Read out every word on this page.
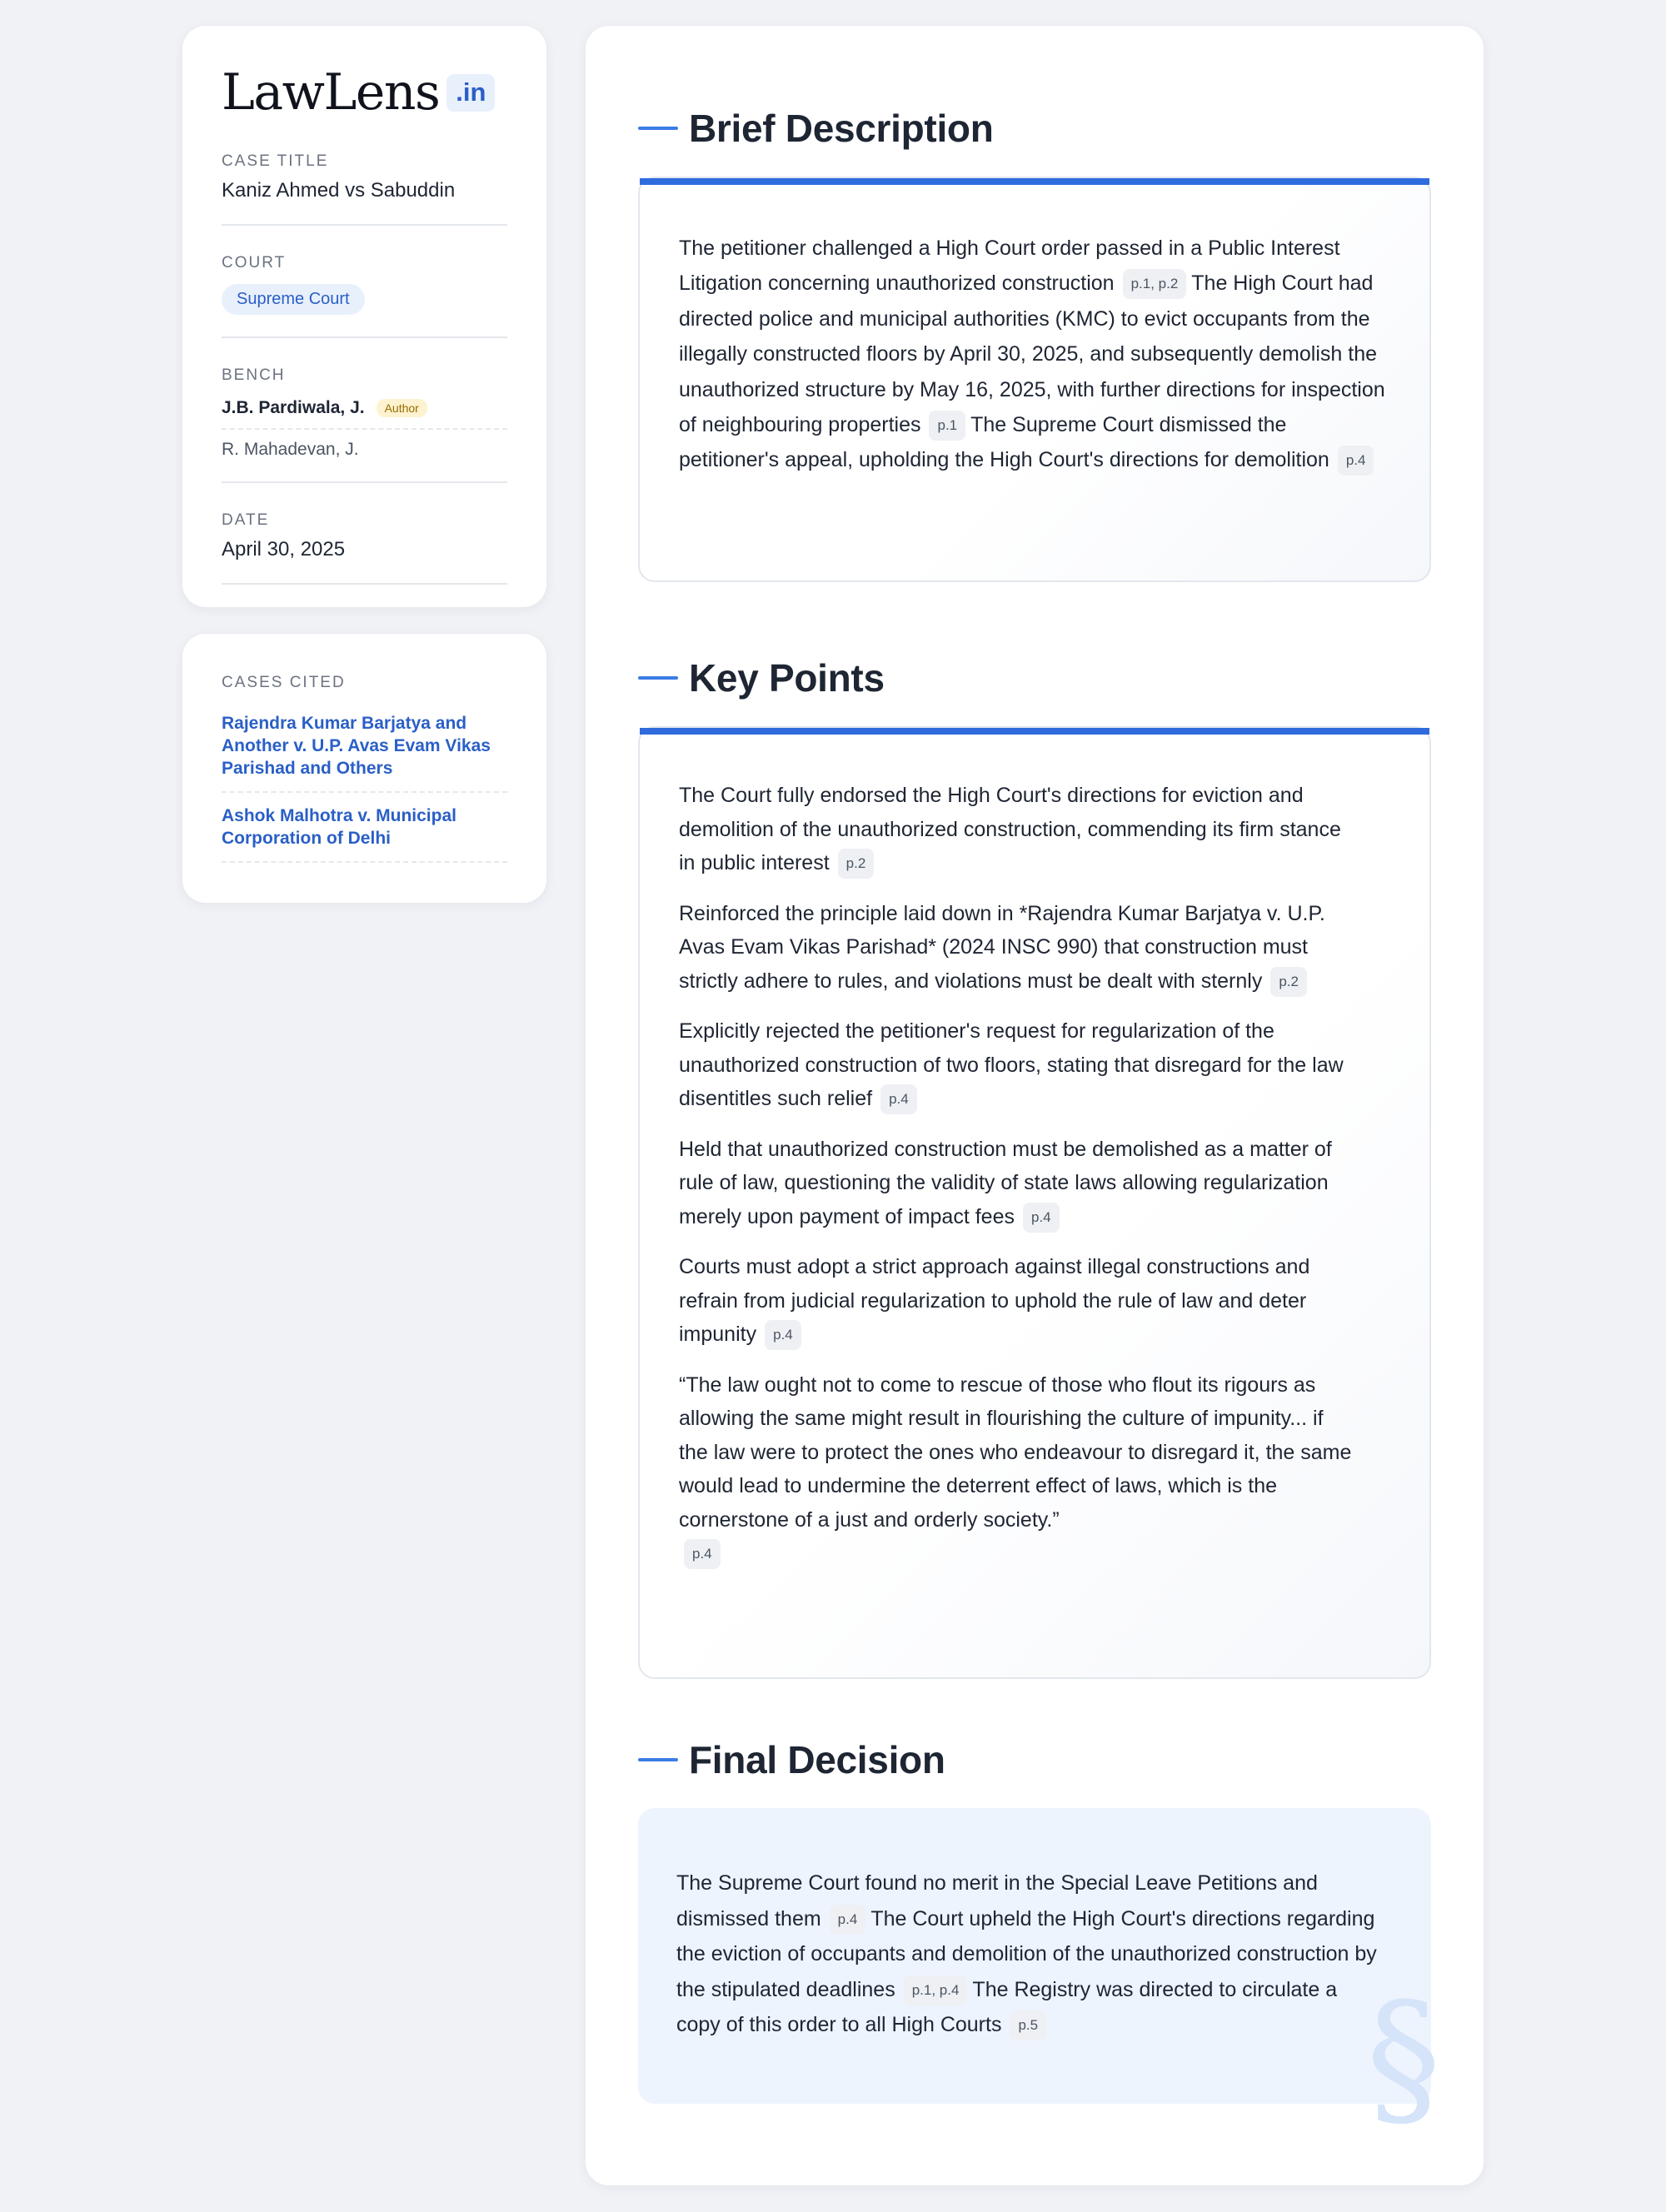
LawLens .in
CASE TITLE
Kaniz Ahmed vs Sabuddin
COURT
Supreme Court
BENCH
J.B. Pardiwala, J.	Author
R. Mahadevan, J.
DATE
April 30, 2025
CASES CITED
Rajendra Kumar Barjatya and Another v. U.P. Avas Evam Vikas Parishad and Others
Ashok Malhotra v. Municipal Corporation of Delhi
Brief Description

The petitioner challenged a High Court order passed in a Public Interest Litigation concerning unauthorized construction p.1, p.2 The High Court had directed police and municipal authorities (KMC) to evict occupants from the illegally constructed floors by April 30, 2025, and subsequently demolish the unauthorized structure by May 16, 2025, with further directions for inspection of neighbouring properties p.1 The Supreme Court dismissed the petitioner's appeal, upholding the High Court's directions for demolition p.4

Key Points

The Court fully endorsed the High Court's directions for eviction and demolition of the unauthorized construction, commending its firm stance in public interest p.2

Reinforced the principle laid down in *Rajendra Kumar Barjatya v. U.P. Avas Evam Vikas Parishad* (2024 INSC 990) that construction must strictly adhere to rules, and violations must be dealt with sternly p.2

Explicitly rejected the petitioner's request for regularization of the unauthorized construction of two floors, stating that disregard for the law disentitles such relief p.4

Held that unauthorized construction must be demolished as a matter of rule of law, questioning the validity of state laws allowing regularization merely upon payment of impact fees p.4

Courts must adopt a strict approach against illegal constructions and refrain from judicial regularization to uphold the rule of law and deter impunity p.4

“The law ought not to come to rescue of those who flout its rigours as allowing the same might result in flourishing the culture of impunity... if the law were to protect the ones who endeavour to disregard it, the same would lead to undermine the deterrent effect of laws, which is the cornerstone of a just and orderly society.”
p.4

Final Decision

The Supreme Court found no merit in the Special Leave Petitions and dismissed them p.4 The Court upheld the High Court's directions regarding the eviction of occupants and demolition of the unauthorized construction by the stipulated deadlines p.1, p.4 The Registry was directed to circulate a copy of this order to all High Courts p.5	§
